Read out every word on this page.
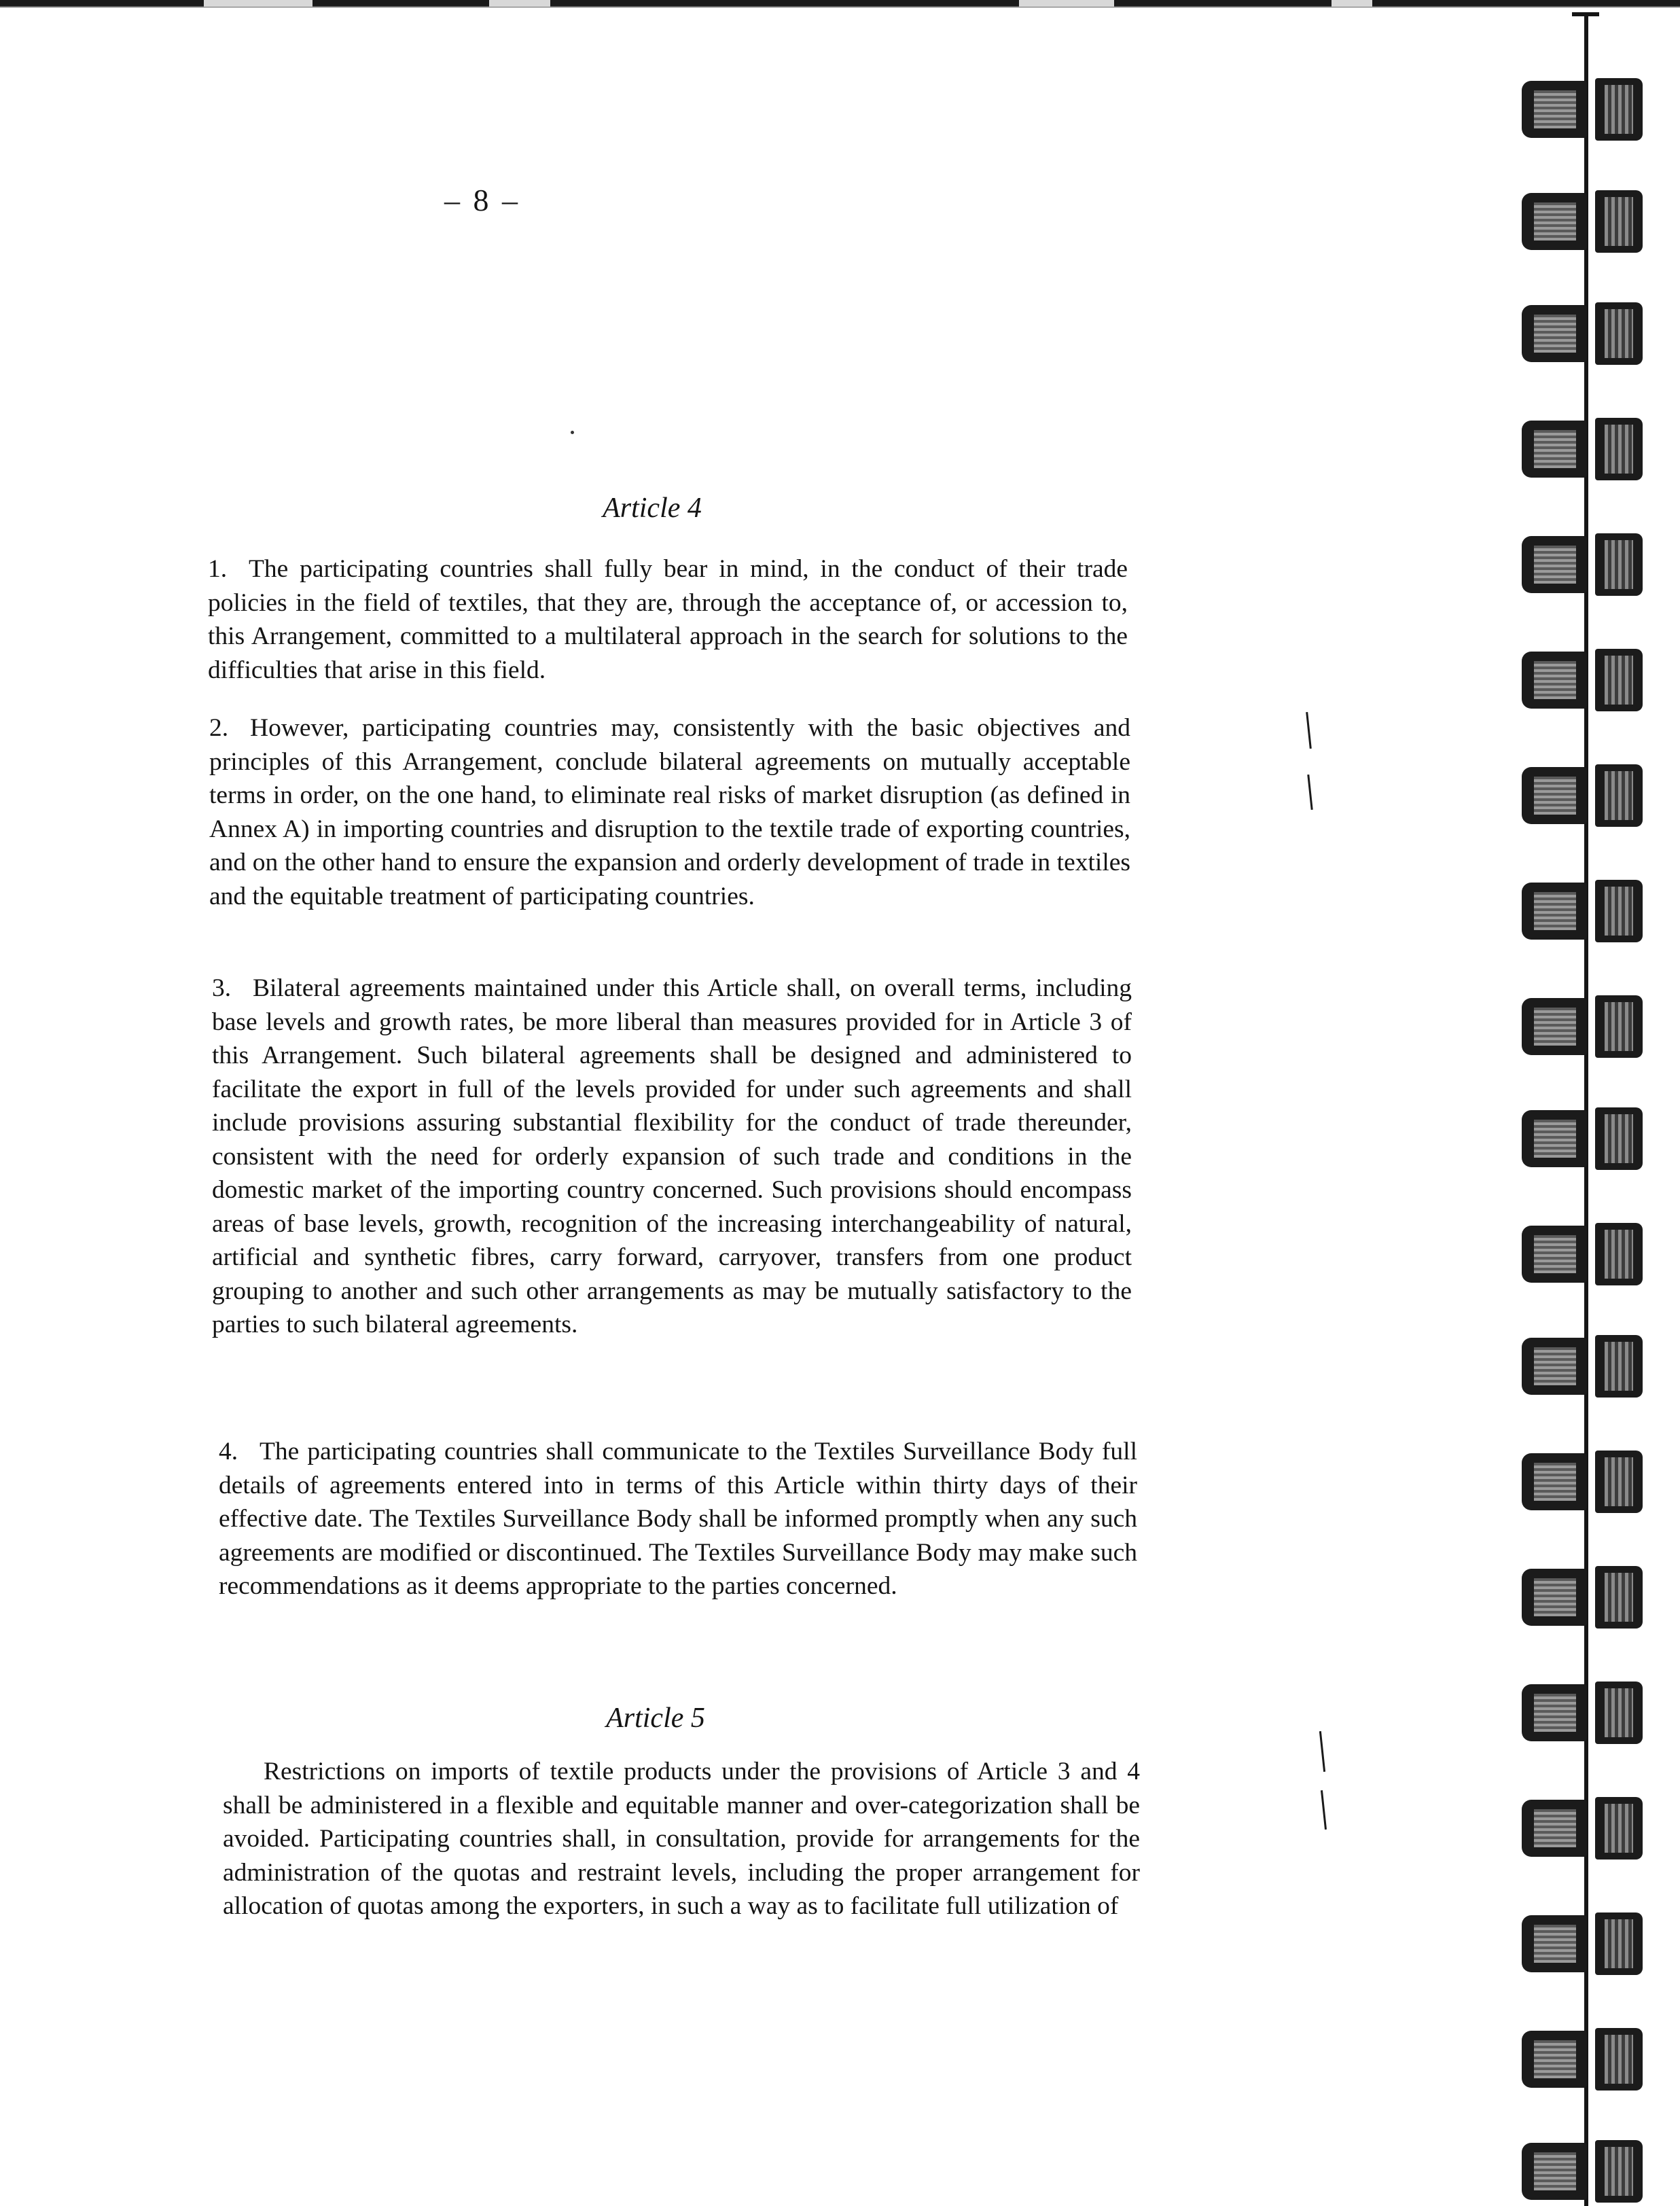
– 8 –

Article 4

1. The participating countries shall fully bear in mind, in the conduct of their trade policies in the field of textiles, that they are, through the acceptance of, or accession to, this Arrangement, committed to a multilateral approach in the search for solutions to the difficulties that arise in this field.

2. However, participating countries may, consistently with the basic objectives and principles of this Arrangement, conclude bilateral agreements on mutually acceptable terms in order, on the one hand, to eliminate real risks of market disruption (as defined in Annex A) in importing countries and disruption to the textile trade of exporting countries, and on the other hand to ensure the expansion and orderly development of trade in textiles and the equitable treatment of participating countries.

3. Bilateral agreements maintained under this Article shall, on overall terms, including base levels and growth rates, be more liberal than measures provided for in Article 3 of this Arrangement. Such bilateral agreements shall be designed and administered to facilitate the export in full of the levels provided for under such agreements and shall include provisions assuring substantial flexibility for the conduct of trade thereunder, consistent with the need for orderly expansion of such trade and conditions in the domestic market of the importing country concerned. Such provisions should encompass areas of base levels, growth, recognition of the increasing interchangeability of natural, artificial and synthetic fibres, carry forward, carryover, transfers from one product grouping to another and such other arrangements as may be mutually satisfactory to the parties to such bilateral agreements.

4. The participating countries shall communicate to the Textiles Surveillance Body full details of agreements entered into in terms of this Article within thirty days of their effective date. The Textiles Surveillance Body shall be informed promptly when any such agreements are modified or discontinued. The Textiles Surveillance Body may make such recommendations as it deems appropriate to the parties concerned.

Article 5

Restrictions on imports of textile products under the provisions of Article 3 and 4 shall be administered in a flexible and equitable manner and over-categorization shall be avoided. Participating countries shall, in consultation, provide for arrangements for the administration of the quotas and restraint levels, including the proper arrangement for allocation of quotas among the exporters, in such a way as to facilitate full utilization of
